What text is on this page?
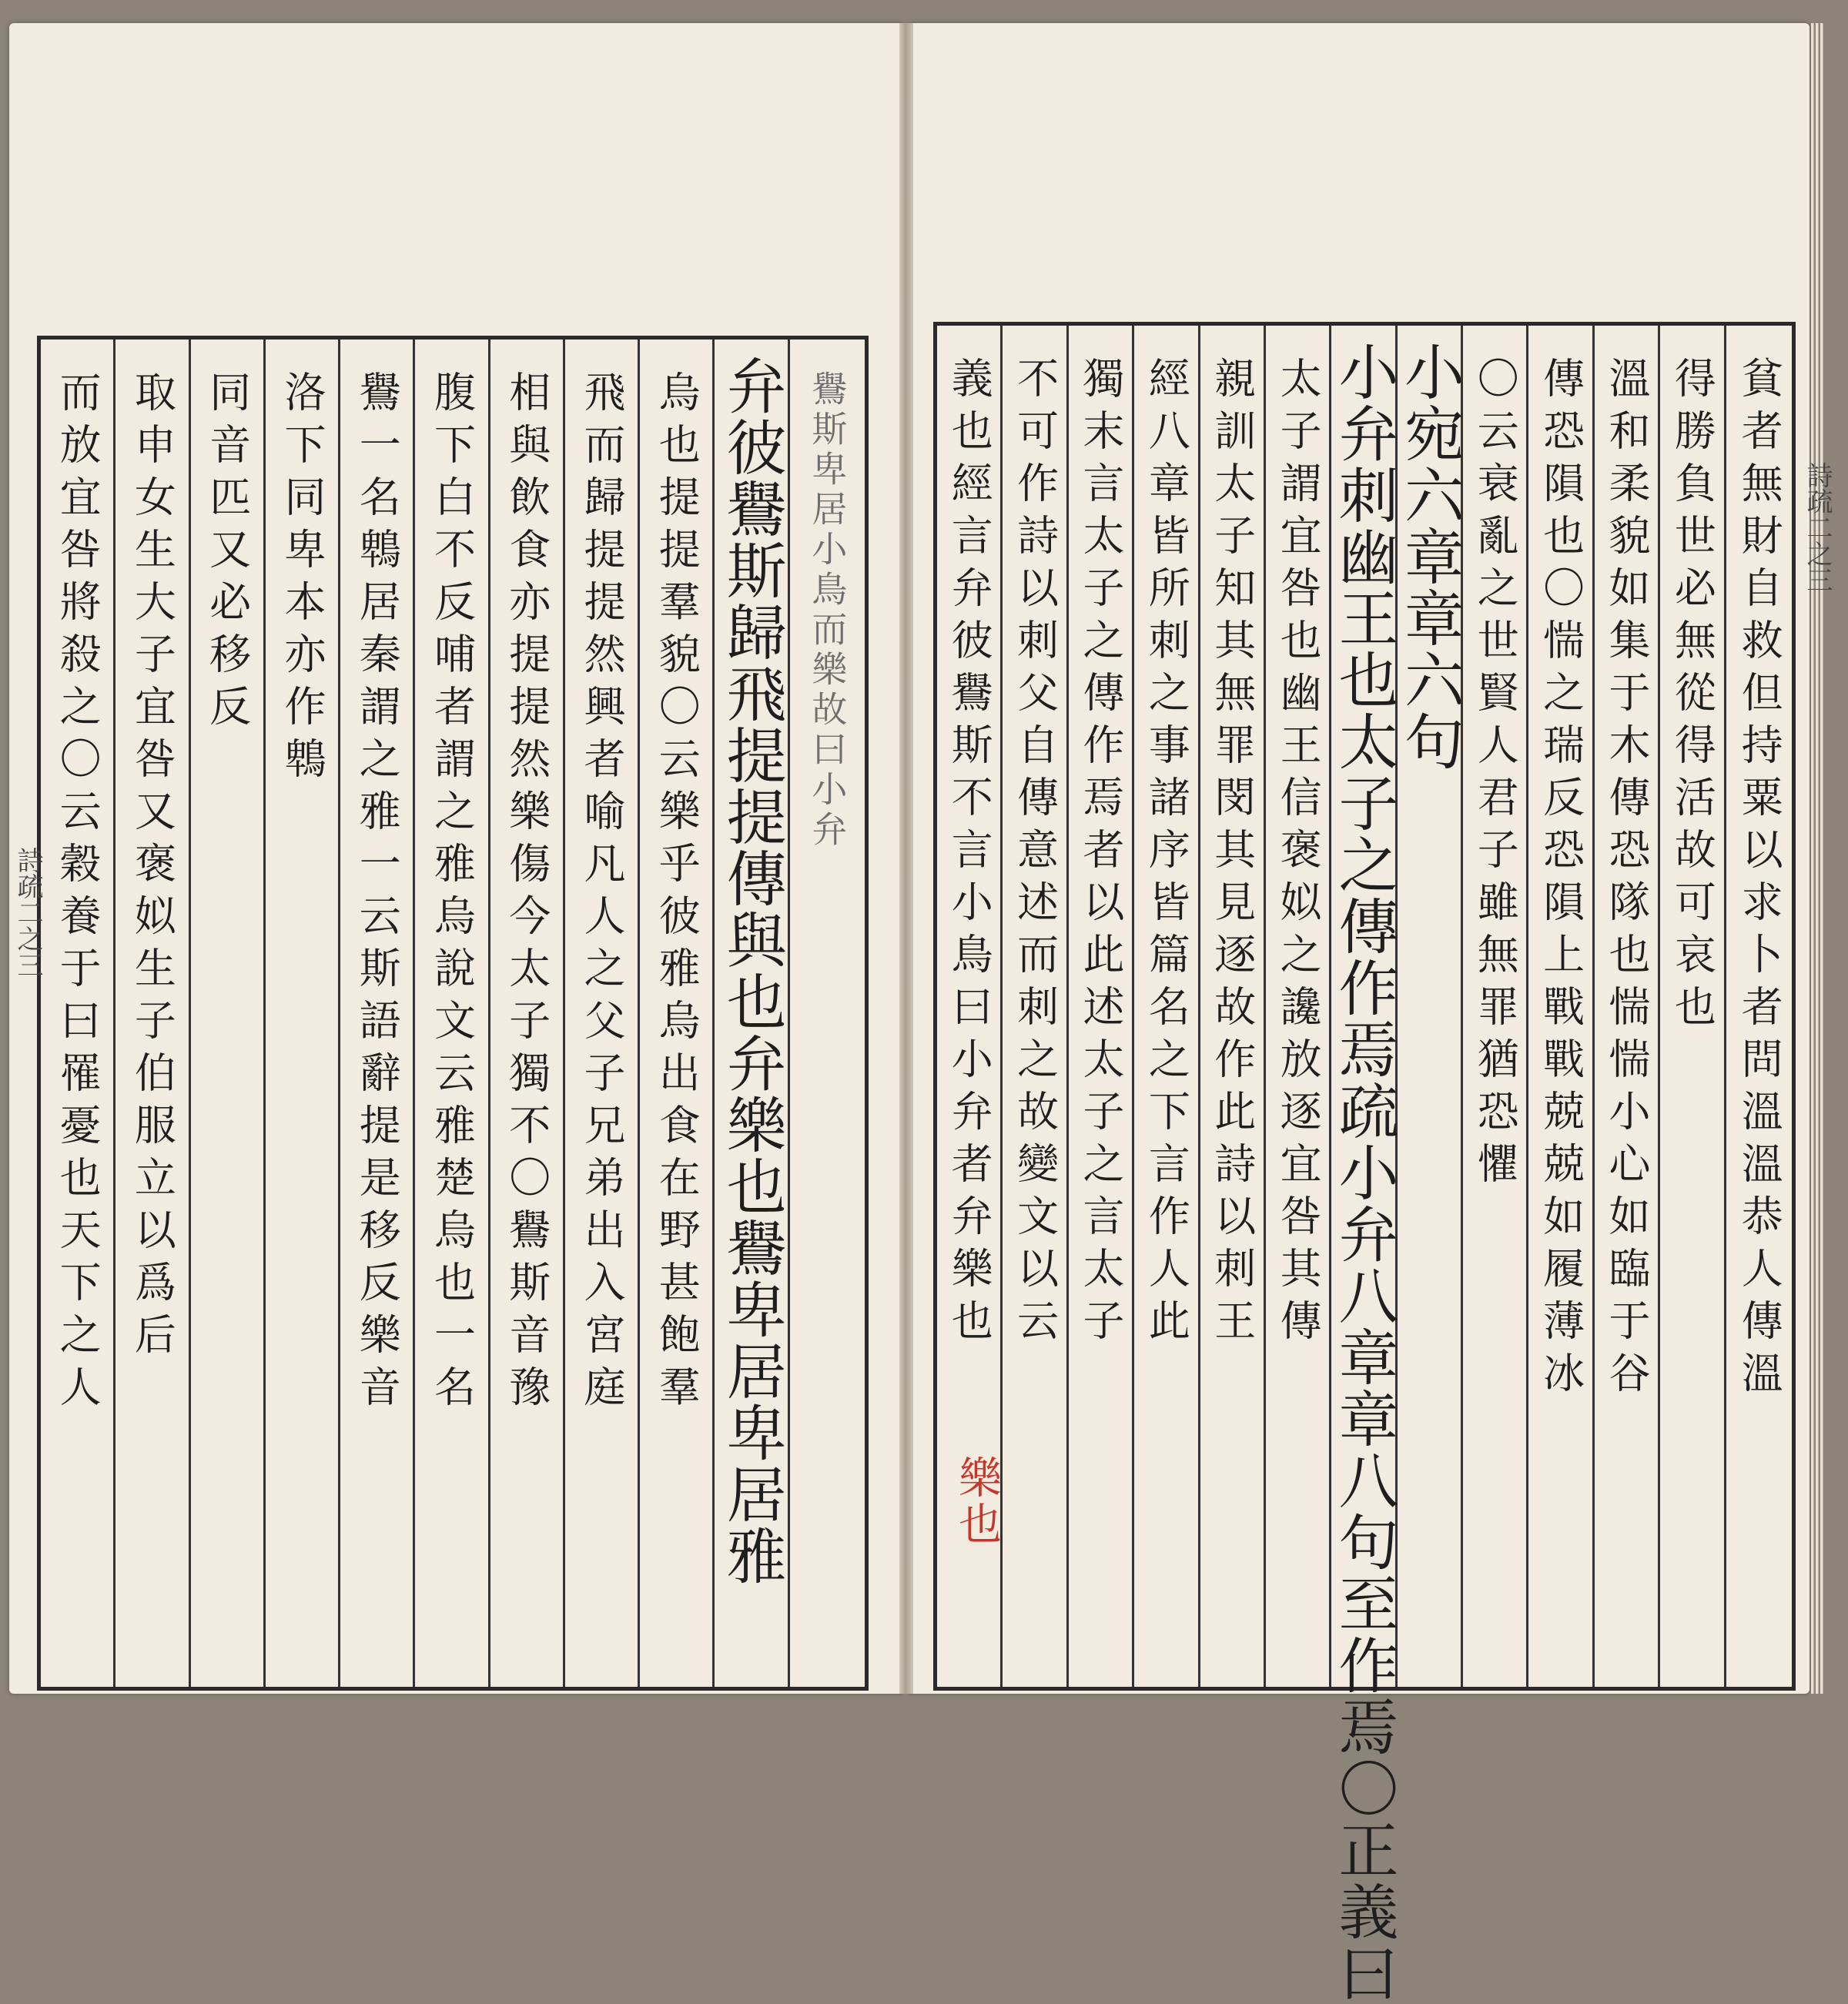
而放宜咎將殺之〇云穀養于曰罹憂也天下之人 取申女生大子宜咎又褒姒生子伯服立以爲后 同音匹又必移反 洛下同卑本亦作鵯 鸒一名鵯居秦謂之雅一云斯語辭提是移反樂音 腹下白不反哺者謂之雅烏說文云雅楚烏也一名 相與飲食亦提提然樂傷今太子獨不〇鸒斯音豫 飛而歸提提然興者喻凡人之父子兄弟出入宮庭 烏也提提羣貌〇云樂乎彼雅烏出食在野甚飽羣 弁彼鸒斯歸飛提提傳與也弁樂也鸒卑居卑居雅 鸒斯卑居小鳥而樂故曰小弁 義也經言弁彼鸒斯不言小鳥曰小弁者弁樂也 不可作詩以刺父自傳意述而刺之故變文以云 獨末言太子之傳作焉者以此述太子之言太子 經八章皆所刺之事諸序皆篇名之下言作人此 親訓太子知其無罪閔其見逐故作此詩以刺王 太子謂宜咎也幽王信褒姒之讒放逐宜咎其傳 小弁刺幽王也太子之傳作焉疏小弁八章章八句至作焉〇正義曰
小宛六章章六句 〇云衰亂之世賢人君子雖無罪猶恐懼 傳恐隕也〇惴之瑞反恐隕上戰戰兢兢如履薄冰 溫和柔貌如集于木傳恐隊也惴惴小心如臨于谷 得勝負世必無從得活故可哀也 貧者無財自救但持粟以求卜者問溫溫恭人傳溫
詩疏二之三
詩疏二之三
樂也
